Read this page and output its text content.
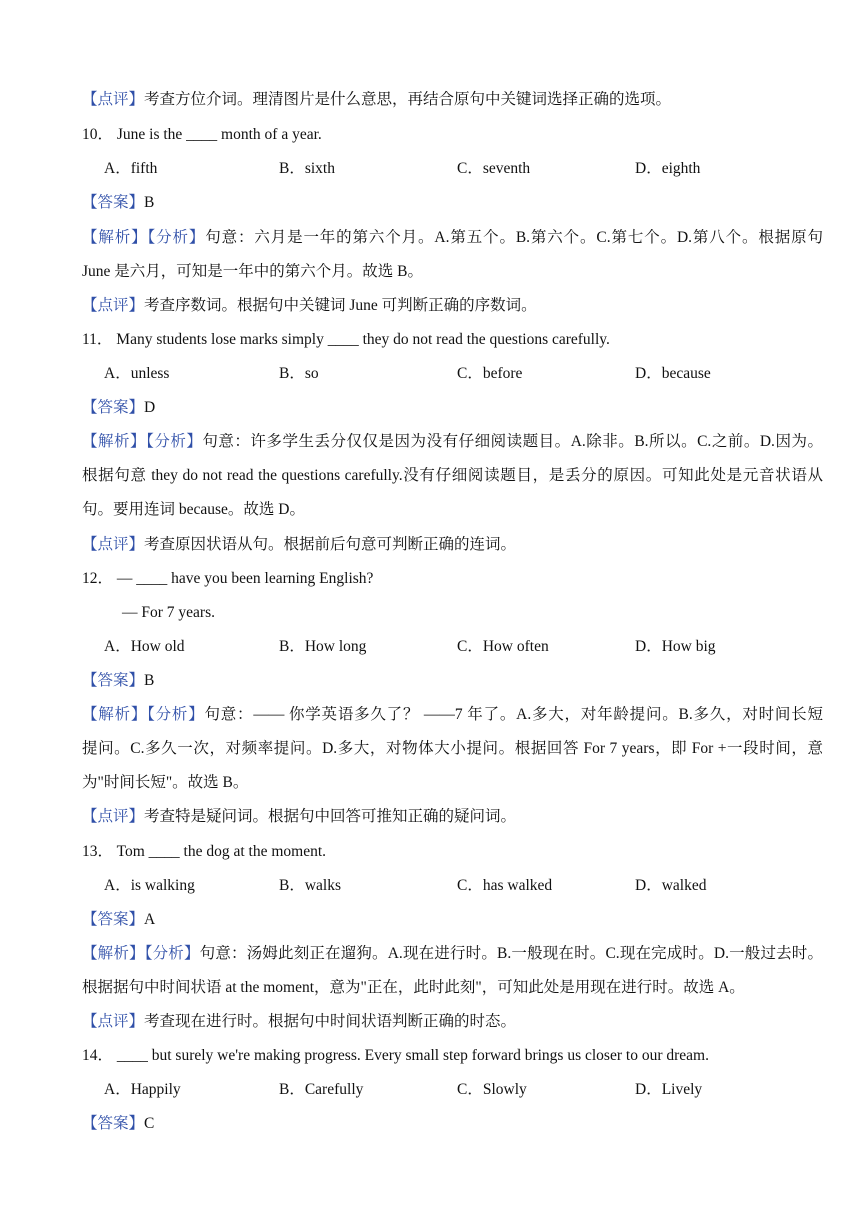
【点评】考查方位介词。理清图片是什么意思，再结合原句中关键词选择正确的选项。
10． June is the ____ month of a year.
A．fifth	B．sixth	C．seventh	D．eighth
【答案】B
【解析】【分析】句意：六月是一年的第六个月。A.第五个。B.第六个。C.第七个。D.第八个。根据原句
June 是六月，可知是一年中的第六个月。故选 B。
【点评】考查序数词。根据句中关键词 June 可判断正确的序数词。
11． Many students lose marks simply ____ they do not read the questions carefully.
A．unless	B．so	C．before	D．because
【答案】D
【解析】【分析】句意：许多学生丢分仅仅是因为没有仔细阅读题目。A.除非。B.所以。C.之前。D.因为。
根据句意 they do not read the questions carefully.没有仔细阅读题目，是丢分的原因。可知此处是元音状语从
句。要用连词 because。故选 D。
【点评】考查原因状语从句。根据前后句意可判断正确的连词。
12． — ____ have you been learning English?
— For 7 years.
A．How old	B．How long	C．How often	D．How big
【答案】B
【解析】【分析】句意：—— 你学英语多久了？ ——7 年了。A.多大，对年龄提问。B.多久，对时间长短
提问。C.多久一次，对频率提问。D.多大，对物体大小提问。根据回答 For 7 years，即 For +一段时间，意
为"时间长短"。故选 B。
【点评】考查特是疑问词。根据句中回答可推知正确的疑问词。
13． Tom ____ the dog at the moment.
A．is walking	B．walks	C．has walked	D．walked
【答案】A
【解析】【分析】句意：汤姆此刻正在遛狗。A.现在进行时。B.一般现在时。C.现在完成时。D.一般过去时。
根据据句中时间状语 at the moment，意为"正在，此时此刻"，可知此处是用现在进行时。故选 A。
【点评】考查现在进行时。根据句中时间状语判断正确的时态。
14． ____ but surely we're making progress. Every small step forward brings us closer to our dream.
A．Happily	B．Carefully	C．Slowly	D．Lively
【答案】C
